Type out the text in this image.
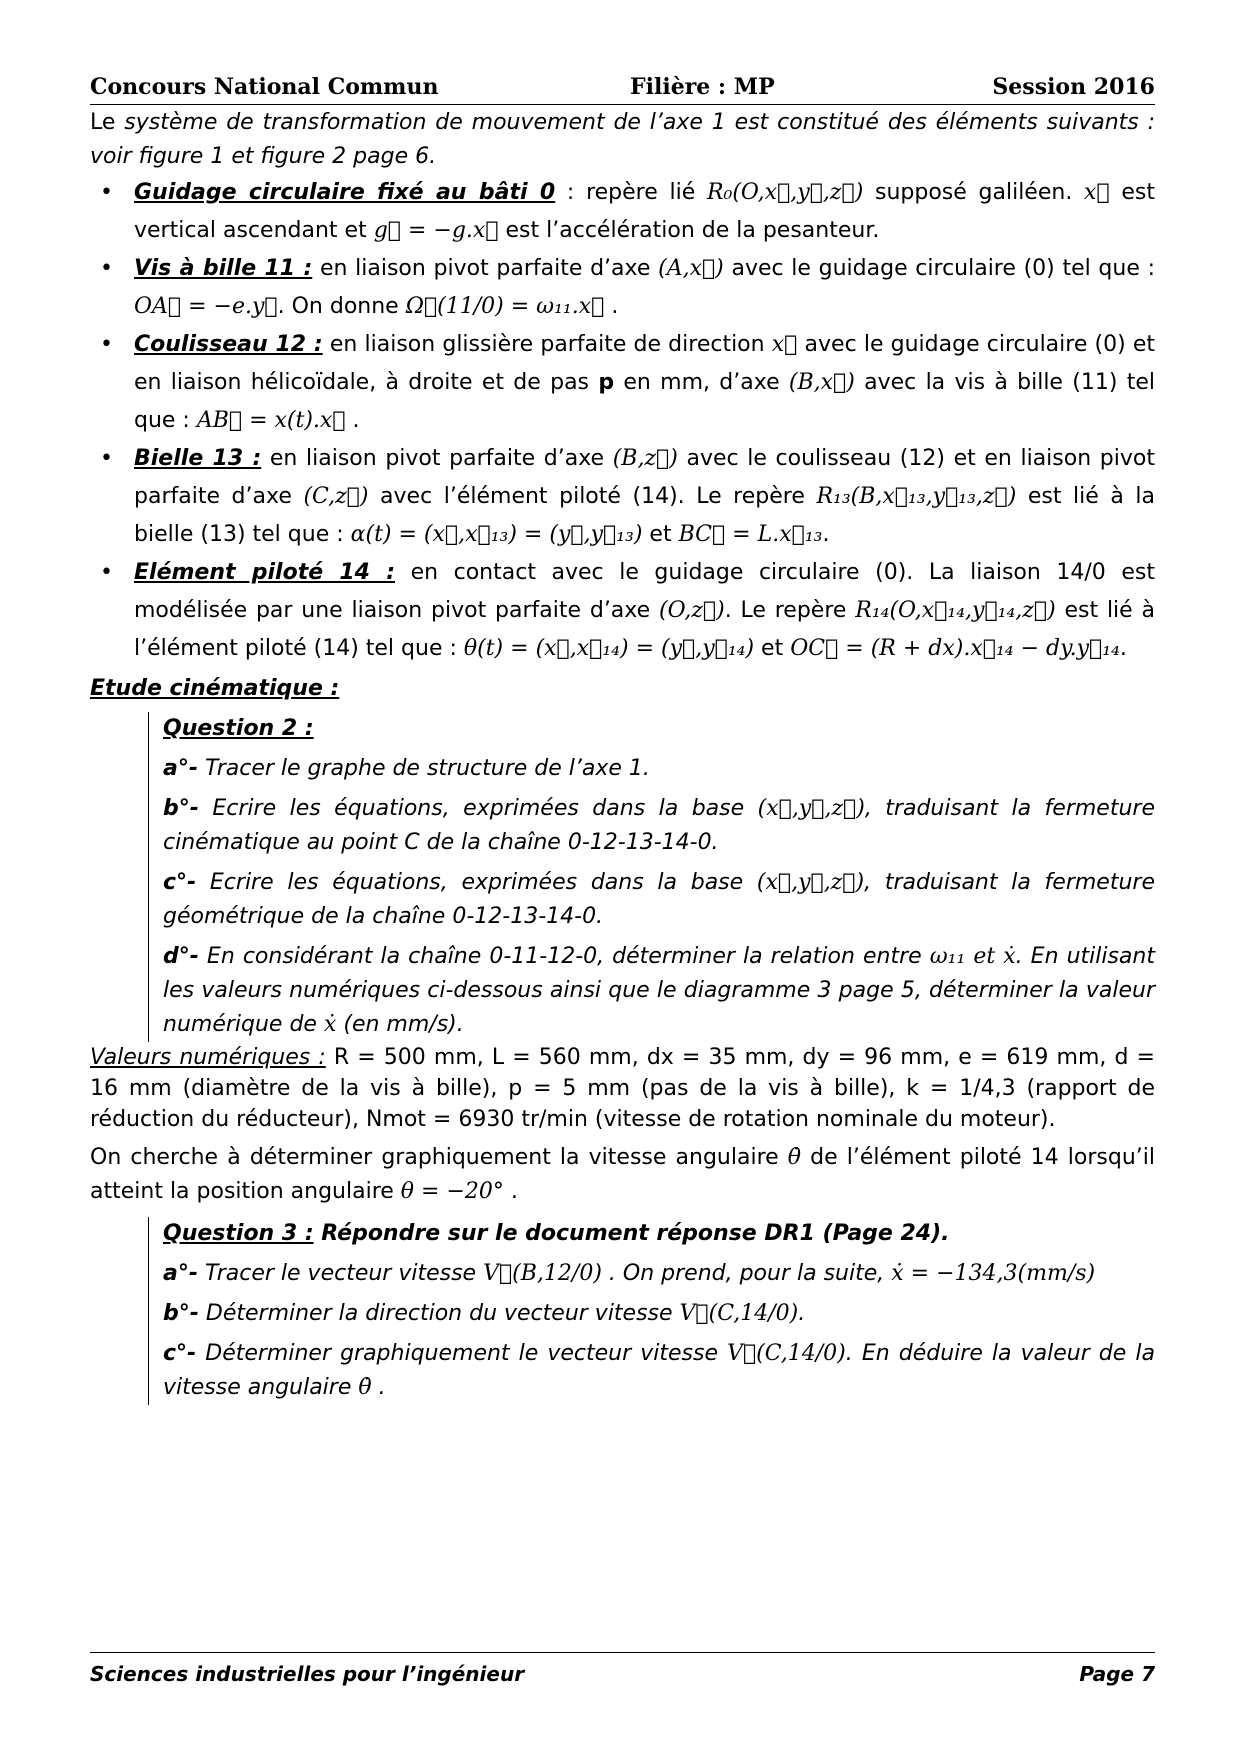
Concours National Commun	Filière : MP	Session 2016
Le système de transformation de mouvement de l’axe 1 est constitué des éléments suivants : voir figure 1 et figure 2 page 6.
• Guidage circulaire fixé au bâti 0 : repère lié R₀(O,x⃗,y⃗,z⃗) supposé galiléen. x⃗ est vertical ascendant et g⃗ = −g.x⃗ est l’accélération de la pesanteur.
• Vis à bille 11 : en liaison pivot parfaite d’axe (A,x⃗) avec le guidage circulaire (0) tel que : OA⃗ = −e.y⃗. On donne Ω⃗(11/0) = ω₁₁.x⃗ .
• Coulisseau 12 : en liaison glissière parfaite de direction x⃗ avec le guidage circulaire (0) et en liaison hélicoïdale, à droite et de pas p en mm, d’axe (B,x⃗) avec la vis à bille (11) tel que : AB⃗ = x(t).x⃗ .
• Bielle 13 : en liaison pivot parfaite d’axe (B,z⃗) avec le coulisseau (12) et en liaison pivot parfaite d’axe (C,z⃗) avec l’élément piloté (14). Le repère R₁₃(B,x⃗₁₃,y⃗₁₃,z⃗) est lié à la bielle (13) tel que : α(t) = (x⃗,x⃗₁₃) = (y⃗,y⃗₁₃) et BC⃗ = L.x⃗₁₃.
• Elément piloté 14 : en contact avec le guidage circulaire (0). La liaison 14/0 est modélisée par une liaison pivot parfaite d’axe (O,z⃗). Le repère R₁₄(O,x⃗₁₄,y⃗₁₄,z⃗) est lié à l’élément piloté (14) tel que : θ(t) = (x⃗,x⃗₁₄) = (y⃗,y⃗₁₄) et OC⃗ = (R + dx).x⃗₁₄ − dy.y⃗₁₄.
Etude cinématique :
Question 2 :
a°- Tracer le graphe de structure de l’axe 1.
b°- Ecrire les équations, exprimées dans la base (x⃗,y⃗,z⃗), traduisant la fermeture cinématique au point C de la chaîne 0-12-13-14-0.
c°- Ecrire les équations, exprimées dans la base (x⃗,y⃗,z⃗), traduisant la fermeture géométrique de la chaîne 0-12-13-14-0.
d°- En considérant la chaîne 0-11-12-0, déterminer la relation entre ω₁₁ et ẋ. En utilisant les valeurs numériques ci-dessous ainsi que le diagramme 3 page 5, déterminer la valeur numérique de ẋ (en mm/s).
Valeurs numériques : R = 500 mm, L = 560 mm, dx = 35 mm, dy = 96 mm, e = 619 mm, d = 16 mm (diamètre de la vis à bille), p = 5 mm (pas de la vis à bille), k = 1/4,3 (rapport de réduction du réducteur), Nmot = 6930 tr/min (vitesse de rotation nominale du moteur).
On cherche à déterminer graphiquement la vitesse angulaire θ̇ de l’élément piloté 14 lorsqu’il atteint la position angulaire θ = −20° .
Question 3 : Répondre sur le document réponse DR1 (Page 24).
a°- Tracer le vecteur vitesse V⃗(B,12/0) . On prend, pour la suite, ẋ = −134,3(mm/s)
b°- Déterminer la direction du vecteur vitesse V⃗(C,14/0).
c°- Déterminer graphiquement le vecteur vitesse V⃗(C,14/0). En déduire la valeur de la vitesse angulaire θ̇ .
Sciences industrielles pour l’ingénieur	Page 7
